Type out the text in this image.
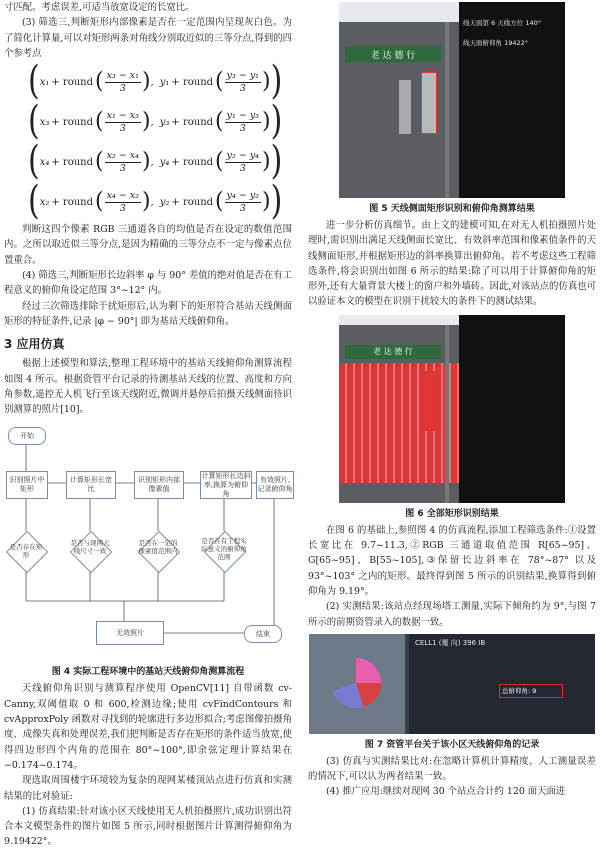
寸匹配。考虑误差,可适当放宽设定的长宽比。

(3) 筛选三,判断矩形内部像素是否在一定范围内呈现灰白色。为了简化计算量,可以对矩形两条对角线分别取近似的三等分点,得到的四个参考点

( x₁ + round ( $\frac{\text{x₃ − x₁}}{3}$ ) , y₁ + round ( $\frac{\text{y₃ − y₁}}{3}$ ) )
( x₃ + round ( $\frac{\text{x₁ − x₃}}{3}$ ) , y₃ + round ( $\frac{\text{y₁ − y₃}}{3}$ ) )
( x₄ + round ( $\frac{\text{x₂ − x₄}}{3}$ ) , y₄ + round ( $\frac{\text{y₂ − y₄}}{3}$ ) )
( x₂ + round ( $\frac{\text{x₄ − x₂}}{3}$ ) , y₂ + round ( $\frac{\text{y₄ − y₂}}{3}$ ) )

判断这四个像素 RGB 三通道各自的均值是否在设定的数值范围内。之所以取近似三等分点,是因为精确的三等分点不一定与像素点位置重合。

(4) 筛选三,判断矩形长边斜率 φ 与 90° 差值的绝对值是否在有工程意义的俯仰角设定范围 3°~12° 内。

经过三次筛选排除干扰矩形后,认为剩下的矩形符合基站天线侧面矩形的特征条件,记录 |φ − 90°| 即为基站天线俯仰角。

3 应用仿真

根据上述模型和算法,整理工程环境中的基站天线俯仰角测算流程如图 4 所示。根据资管平台记录的待测基站天线的位置、高度和方向角参数,遥控无人机飞行至该天线附近,微调并悬停后拍摄天线侧面待识别测算的照片[10]。

开始
识别照片中矩形
计算矩形长宽比
识别矩形内部像素值
计算矩形长边斜率,换算为俯仰角
有效照片,记录俯仰角
是否存在矩形
是否与现网天线尺寸一致
是否在一定的像素值范围内
是否在有工程实际意义的俯仰角范围
无效照片	结束
图 4 实际工程环境中的基站天线俯仰角测算流程

天线俯仰角识别与测算程序使用 OpenCV[11] 自带函数 cv-Canny,双阈值取 0 和 600,检测边缘;使用 cvFindContours 和 cvApproxPoly 函数对寻找到的轮廓进行多边形拟合;考虑图像拍摄角度、成像失真和处理误差,我们把判断是否存在矩形的条件适当放宽,使得四边形四个内角的范围在 80°~100°,即余弦定理计算结果在 −0.174~0.174。

现选取周围楼宇环境较为复杂的现网某楼顶站点进行仿真和实测结果的比对验证:

(1) 仿真结果:针对该小区天线使用无人机拍摄照片,成功识别出符合本文模型条件的图片如图 5 所示,同时根据图片计算测得俯仰角为 9.19422°。

老 达 德 行
线天面第 6 天线方位 140°
线天面俯仰角 19422°
图 5 天线侧面矩形识别和俯仰角测算结果

进一步分析仿真细节。由上文的建模可知,在对无人机拍摄照片处理时,需识别出满足天线侧面长宽比、有效斜率范围和像素值条件的天线侧面矩形,并根据矩形边的斜率换算出俯仰角。若不考虑这些工程筛选条件,将会识别出如图 6 所示的结果:除了可以用于计算俯仰角的矩形外,还有大量背景大楼上的窗户和外墙砖。因此,对该站点的仿真也可以验证本文的模型在识别干扰较大的条件下的测试结果。

老 达 德 行
图 6 全部矩形识别结果

在图 6 的基础上,参照图 4 的仿真流程,添加工程筛选条件:①设置长宽比在 9.7~11.3,②RGB 三通道取值范围 R[65~95]、G[65~95]、B[55~105],③保留长边斜率在 78°~87° 以及 93°~103° 之内的矩形。最终得到图 5 所示的识别结果,换算得到俯仰角为 9.19°。

(2) 实测结果:该站点经现场塔工测量,实际下倾角约为 9°,与图 7 所示的前期资管录入的数据一致。

CELL1 (覆 向) 396 IB
总俯仰角: 9
图 7 资管平台关于该小区天线俯仰角的记录

(3) 仿真与实测结果比对:在忽略计算机计算精度、人工测量误差的情况下,可以认为两者结果一致。

(4) 推广应用:继续对现网 30 个站点合计约 120 面天面进
